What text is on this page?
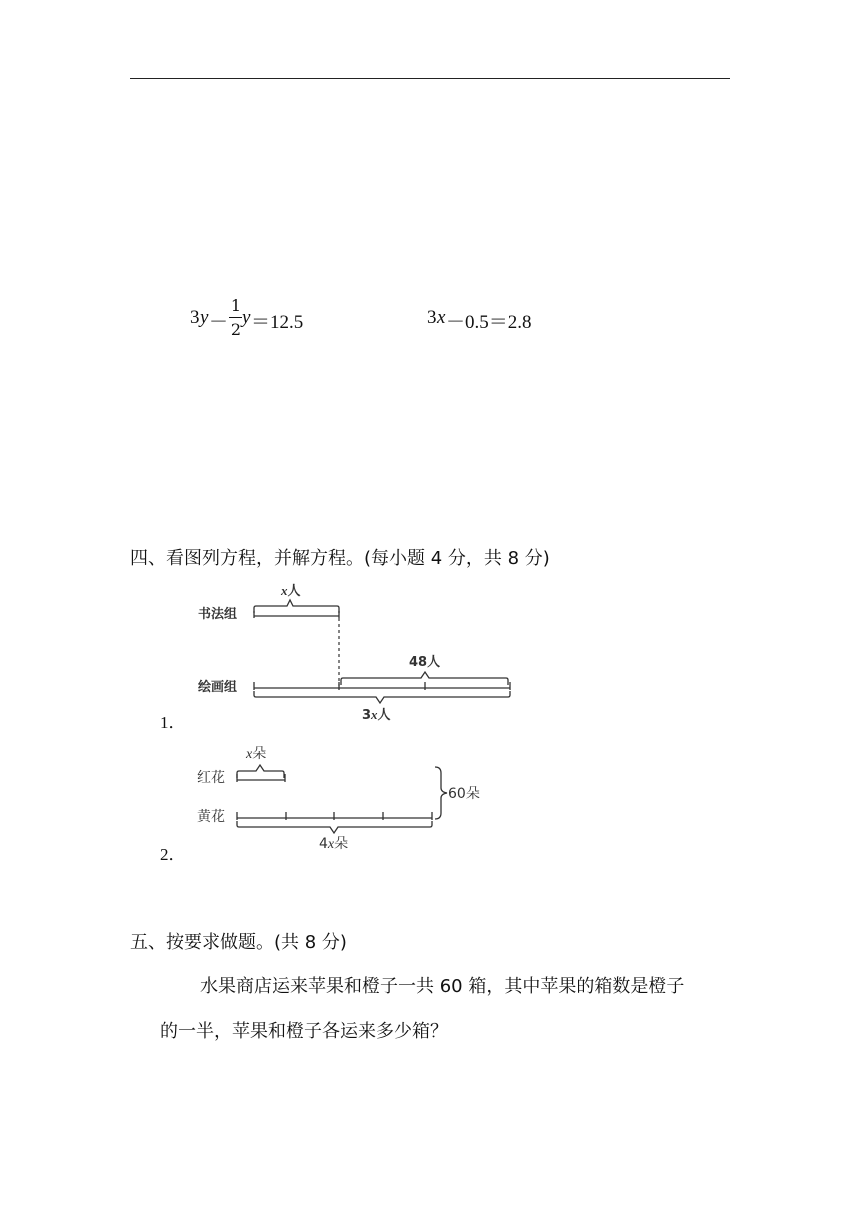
3 y －
1
2
y ＝12.5	3 x －0.5＝2.8
四、看图列方程，并解方程。(每小题 4 分，共 8 分)
书法组
绘画组
x人
48人
3x人
1．
红花
黄花
x朵
4x朵
60朵
2．
五、按要求做题。(共 8 分)
水果商店运来苹果和橙子一共 60 箱，其中苹果的箱数是橙子
的一半，苹果和橙子各运来多少箱？
